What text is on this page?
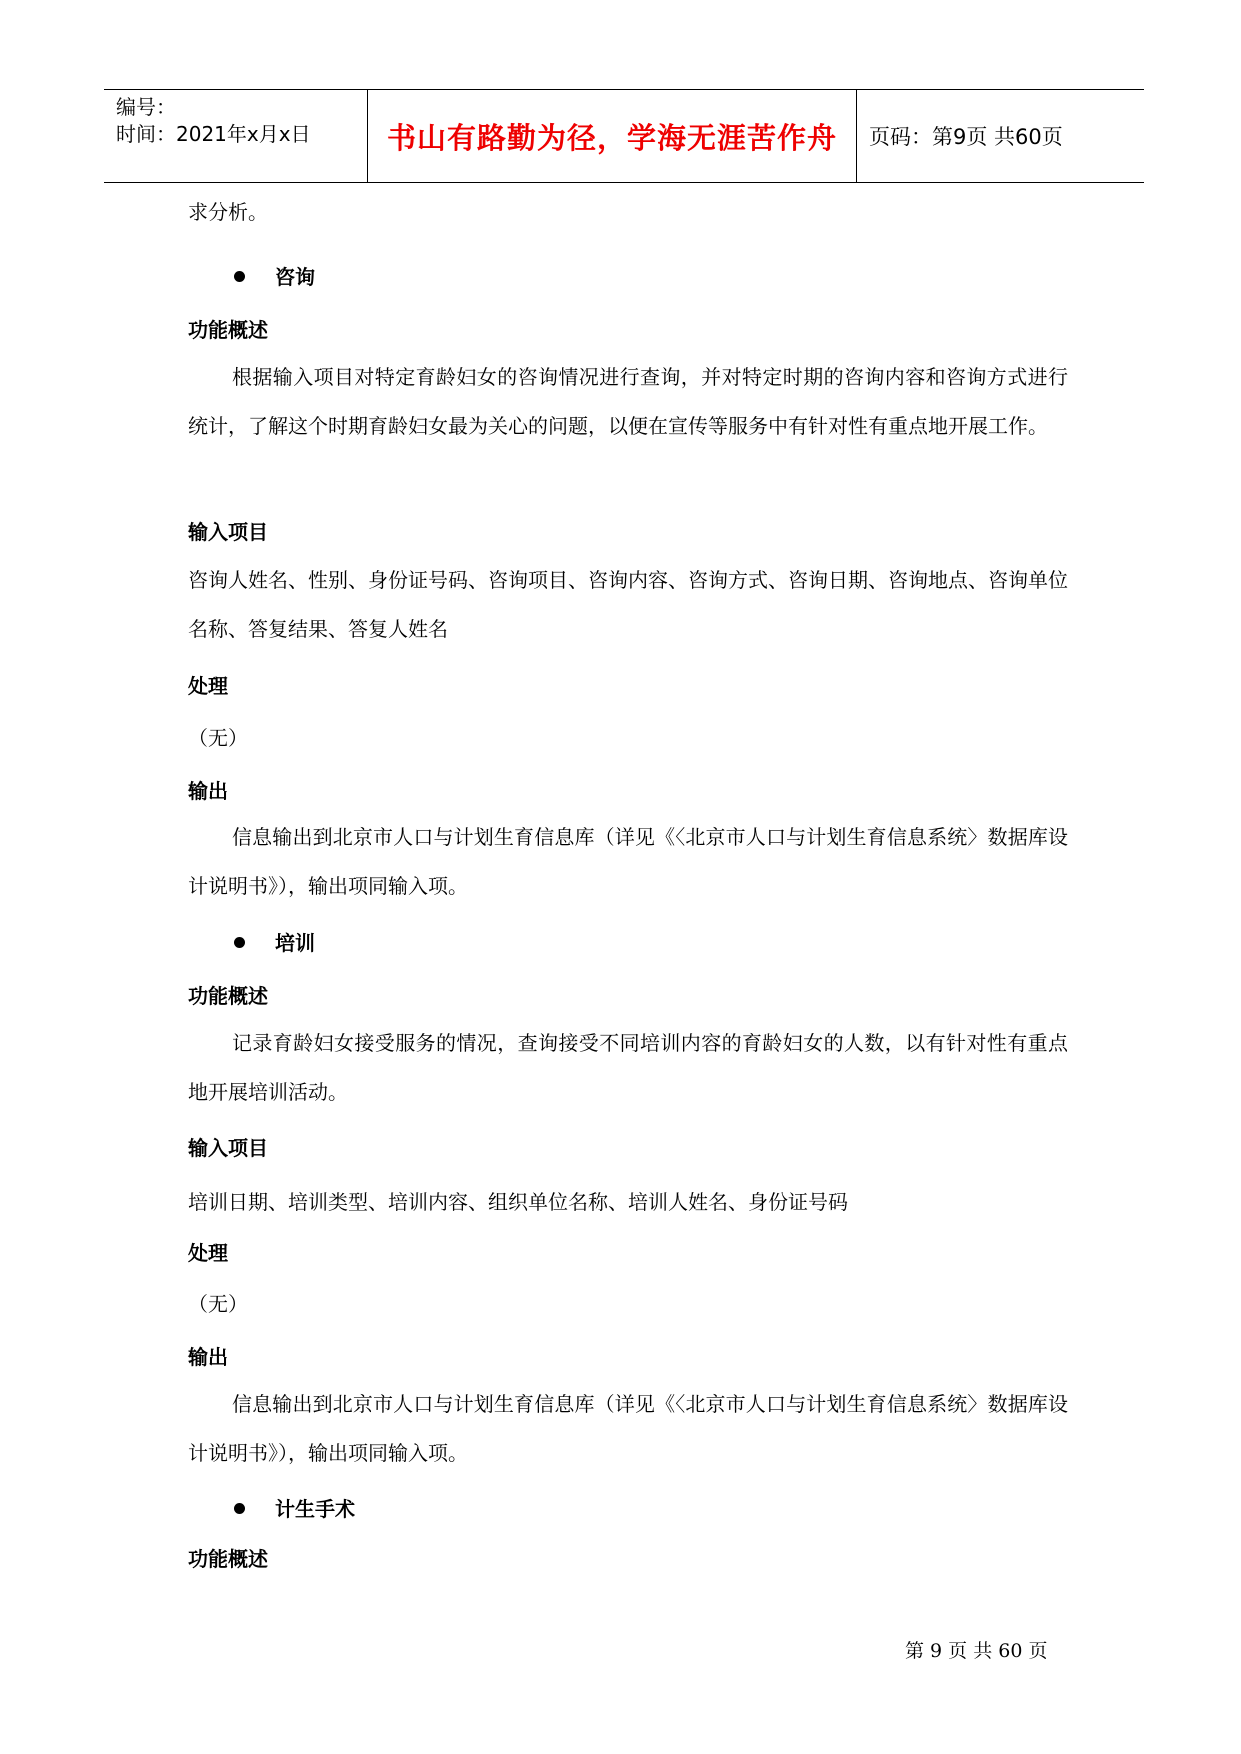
编号：
时间：2021年x月x日	书山有路勤为径，学海无涯苦作舟	页码：第9页 共60页
求分析。
咨询
功能概述
根据输入项目对特定育龄妇女的咨询情况进行查询，并对特定时期的咨询内容和咨询方式进行统计，了解这个时期育龄妇女最为关心的问题，以便在宣传等服务中有针对性有重点地开展工作。
输入项目
咨询人姓名、性别、身份证号码、咨询项目、咨询内容、咨询方式、咨询日期、咨询地点、咨询单位名称、答复结果、答复人姓名
处理
（无）
输出
信息输出到北京市人口与计划生育信息库（详见《〈北京市人口与计划生育信息系统〉数据库设计说明书》），输出项同输入项。
培训
功能概述
记录育龄妇女接受服务的情况，查询接受不同培训内容的育龄妇女的人数，以有针对性有重点地开展培训活动。
输入项目
培训日期、培训类型、培训内容、组织单位名称、培训人姓名、身份证号码
处理
（无）
输出
信息输出到北京市人口与计划生育信息库（详见《〈北京市人口与计划生育信息系统〉数据库设计说明书》），输出项同输入项。
计生手术
功能概述
第 9 页 共 60 页
